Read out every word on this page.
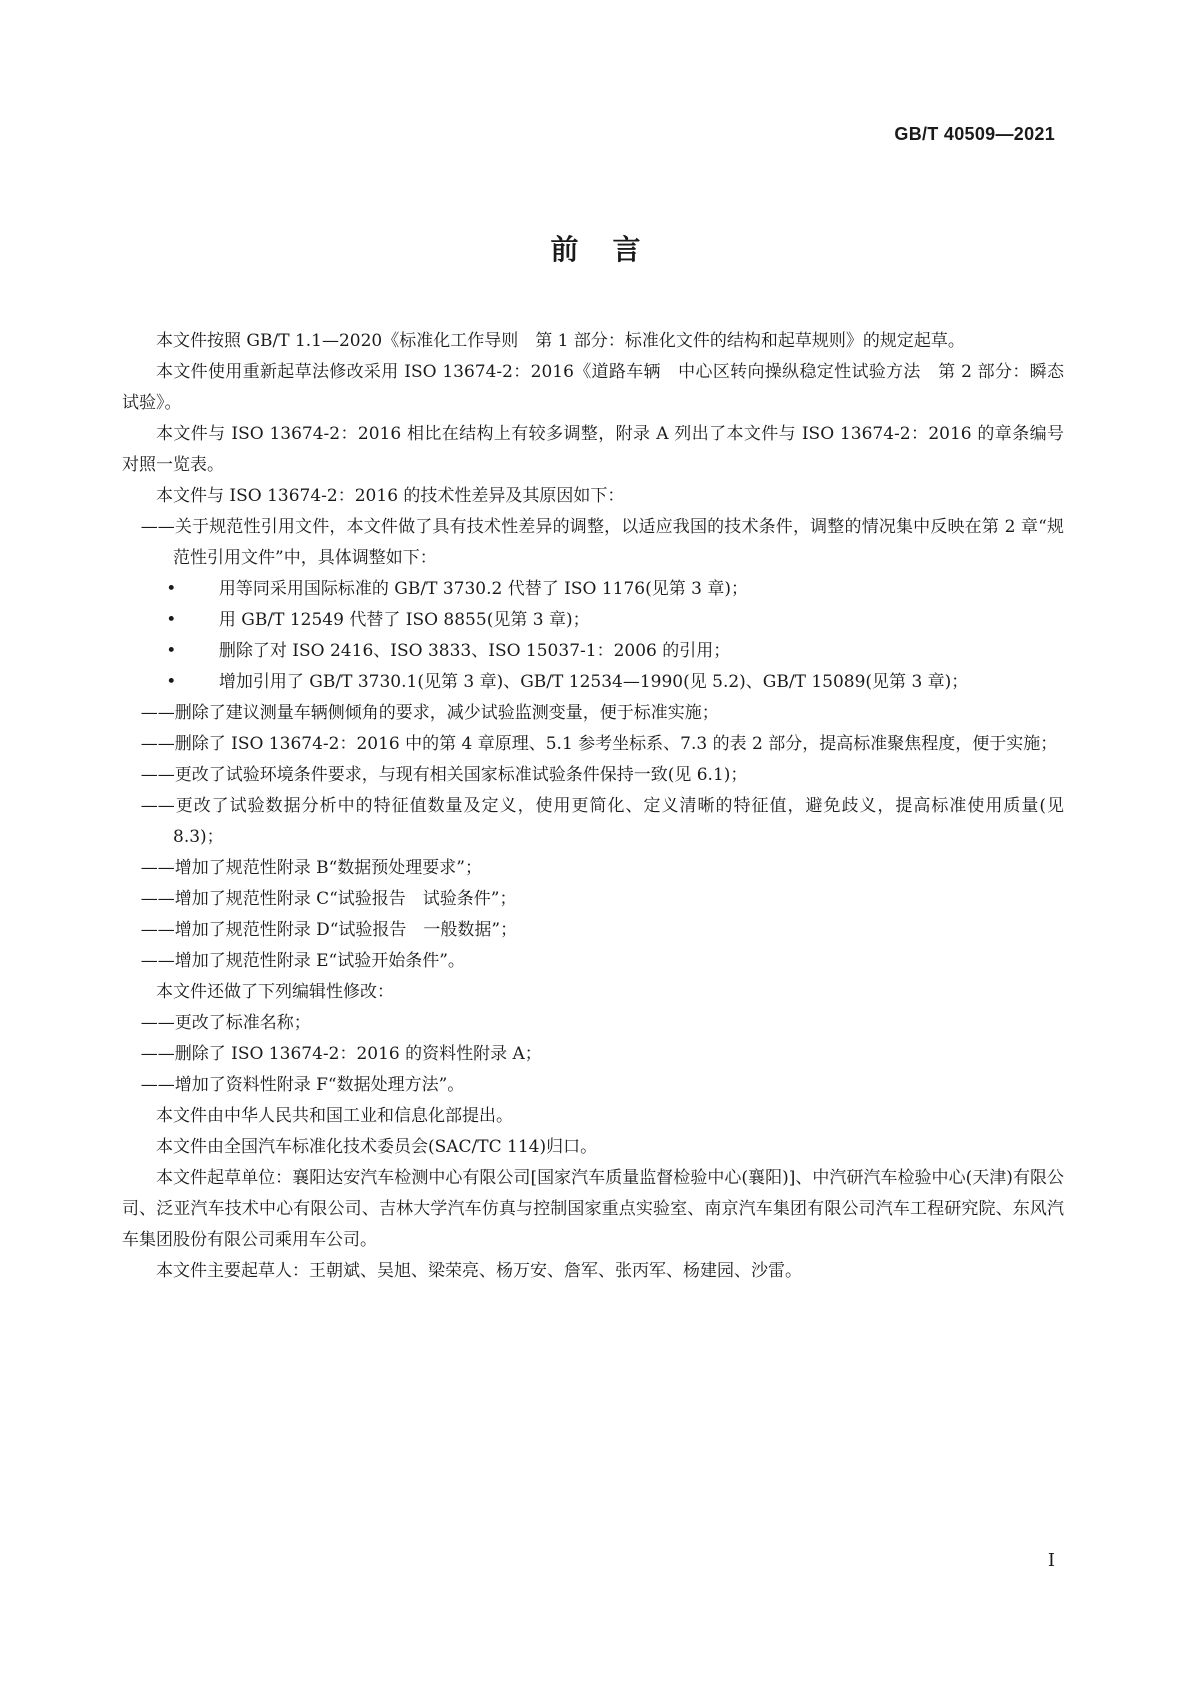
GB/T 40509—2021
前言

本文件按照 GB/T 1.1—2020《标准化工作导则　第 1 部分：标准化文件的结构和起草规则》的规定起草。

本文件使用重新起草法修改采用 ISO 13674-2：2016《道路车辆　中心区转向操纵稳定性试验方法　第 2 部分：瞬态试验》。

本文件与 ISO 13674-2：2016 相比在结构上有较多调整，附录 A 列出了本文件与 ISO 13674-2：2016 的章条编号对照一览表。

本文件与 ISO 13674-2：2016 的技术性差异及其原因如下：

——关于规范性引用文件，本文件做了具有技术性差异的调整，以适应我国的技术条件，调整的情况集中反映在第 2 章“规范性引用文件”中，具体调整如下：

•	用等同采用国际标准的 GB/T 3730.2 代替了 ISO 1176(见第 3 章)；

•	用 GB/T 12549 代替了 ISO 8855(见第 3 章)；

•	删除了对 ISO 2416、ISO 3833、ISO 15037-1：2006 的引用；

•	增加引用了 GB/T 3730.1(见第 3 章)、GB/T 12534—1990(见 5.2)、GB/T 15089(见第 3 章)；

——删除了建议测量车辆侧倾角的要求，减少试验监测变量，便于标准实施；

——删除了 ISO 13674-2：2016 中的第 4 章原理、5.1 参考坐标系、7.3 的表 2 部分，提高标准聚焦程度，便于实施；

——更改了试验环境条件要求，与现有相关国家标准试验条件保持一致(见 6.1)；

——更改了试验数据分析中的特征值数量及定义，使用更简化、定义清晰的特征值，避免歧义，提高标准使用质量(见 8.3)；

——增加了规范性附录 B“数据预处理要求”；

——增加了规范性附录 C“试验报告　试验条件”；

——增加了规范性附录 D“试验报告　一般数据”；

——增加了规范性附录 E“试验开始条件”。

本文件还做了下列编辑性修改：

——更改了标准名称；

——删除了 ISO 13674-2：2016 的资料性附录 A；

——增加了资料性附录 F“数据处理方法”。

本文件由中华人民共和国工业和信息化部提出。

本文件由全国汽车标准化技术委员会(SAC/TC 114)归口。

本文件起草单位：襄阳达安汽车检测中心有限公司[国家汽车质量监督检验中心(襄阳)]、中汽研汽车检验中心(天津)有限公司、泛亚汽车技术中心有限公司、吉林大学汽车仿真与控制国家重点实验室、南京汽车集团有限公司汽车工程研究院、东风汽车集团股份有限公司乘用车公司。

本文件主要起草人：王朝斌、吴旭、梁荣亮、杨万安、詹军、张丙军、杨建园、沙雷。

I
